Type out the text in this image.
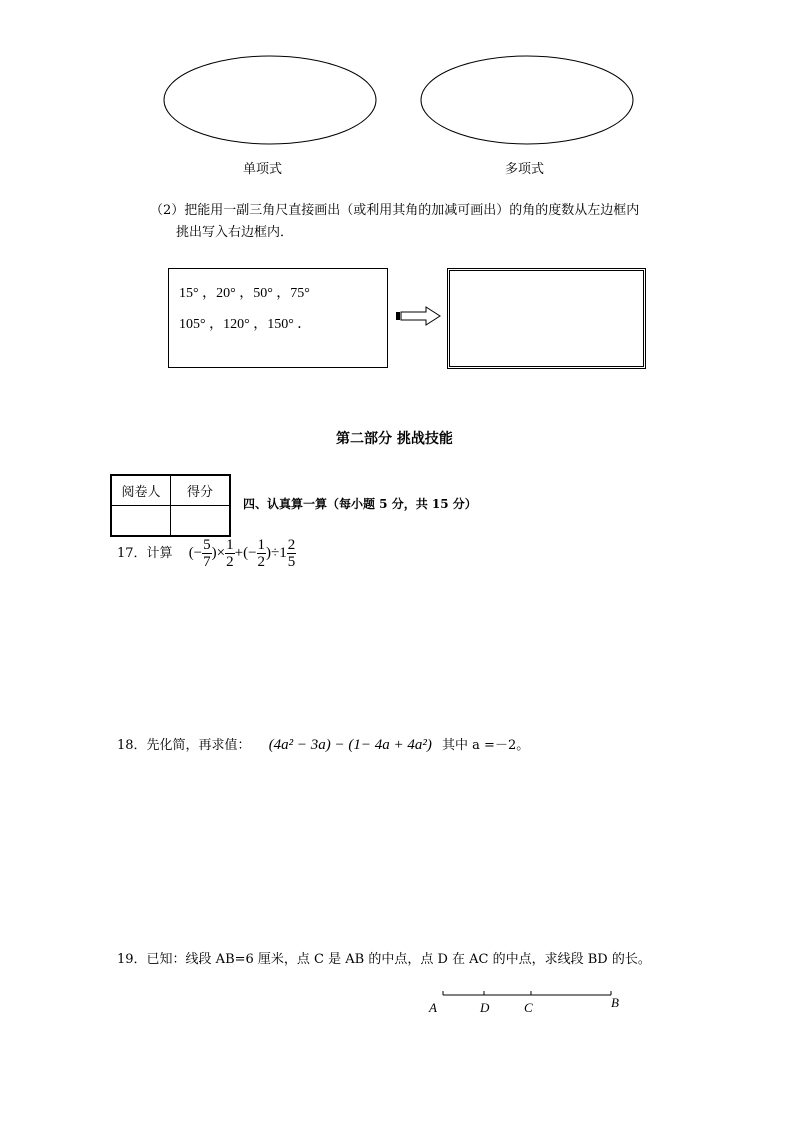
单项式	多项式
（2）把能用一副三角尺直接画出（或利用其角的加减可画出）的角的度数从左边框内
挑出写入右边框内．
15° ，20° ，50° ，75°
105° ，120° ，150° ．
第二部分 挑战技能
阅卷人	得分

四、认真算一算（每小题 5 分，共 15 分）
17．计算 (− $\frac{5}{7}$ )× $\frac{1}{2}$ +(− $\frac{1}{2} )\div 1 \frac{2}{5}$
18．先化简，再求值： (4a² − 3a) − (1− 4a + 4a²) 其中 a =－2。
19．已知：线段 AB=6 厘米，点 C 是 AB 的中点，点 D 在 AC 的中点，求线段 BD 的长。
A	D	C	B
